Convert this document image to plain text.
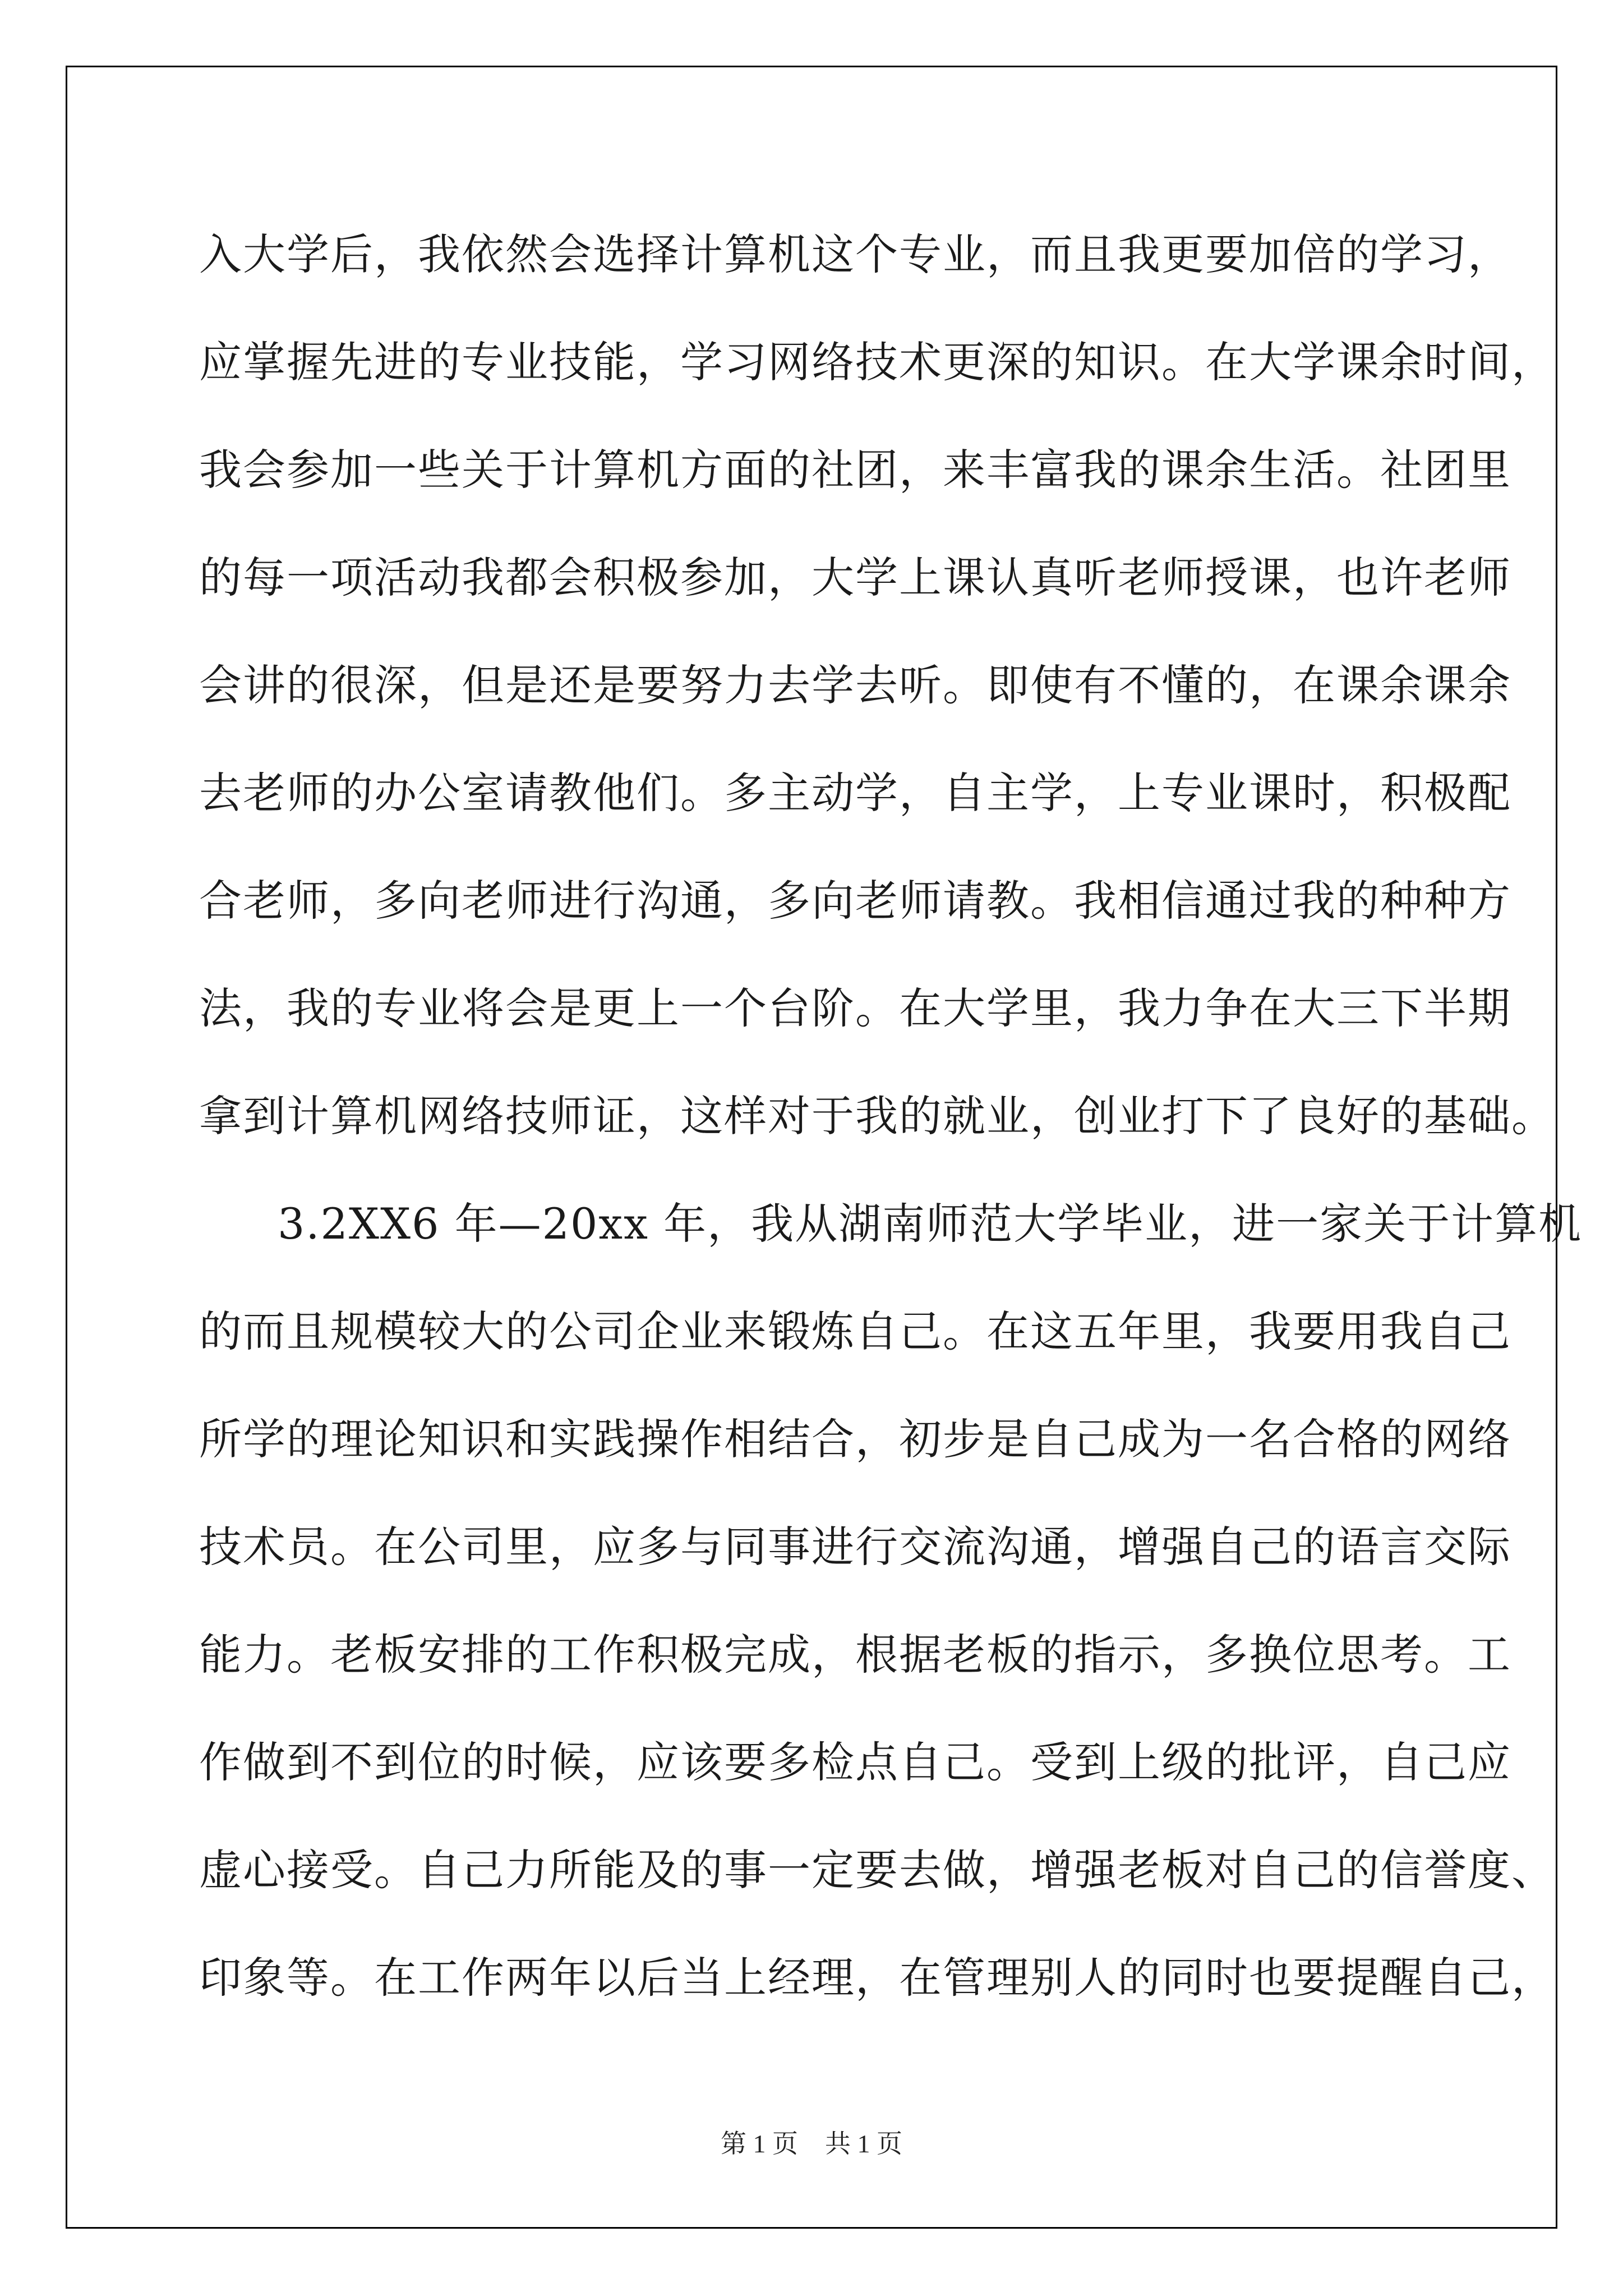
入大学后，我依然会选择计算机这个专业，而且我更要加倍的学习，
应掌握先进的专业技能，学习网络技术更深的知识。在大学课余时间，
我会参加一些关于计算机方面的社团，来丰富我的课余生活。社团里
的每一项活动我都会积极参加，大学上课认真听老师授课，也许老师
会讲的很深，但是还是要努力去学去听。即使有不懂的，在课余课余
去老师的办公室请教他们。多主动学，自主学，上专业课时，积极配
合老师，多向老师进行沟通，多向老师请教。我相信通过我的种种方
法，我的专业将会是更上一个台阶。在大学里，我力争在大三下半期
拿到计算机网络技师证，这样对于我的就业，创业打下了良好的基础。
3.2XX6 年—20xx 年，我从湖南师范大学毕业，进一家关于计算机
的而且规模较大的公司企业来锻炼自己。在这五年里，我要用我自己
所学的理论知识和实践操作相结合，初步是自己成为一名合格的网络
技术员。在公司里，应多与同事进行交流沟通，增强自己的语言交际
能力。老板安排的工作积极完成，根据老板的指示，多换位思考。工
作做到不到位的时候，应该要多检点自己。受到上级的批评，自己应
虚心接受。自己力所能及的事一定要去做，增强老板对自己的信誉度、
印象等。在工作两年以后当上经理，在管理别人的同时也要提醒自己，
第 1 页 共 1 页
